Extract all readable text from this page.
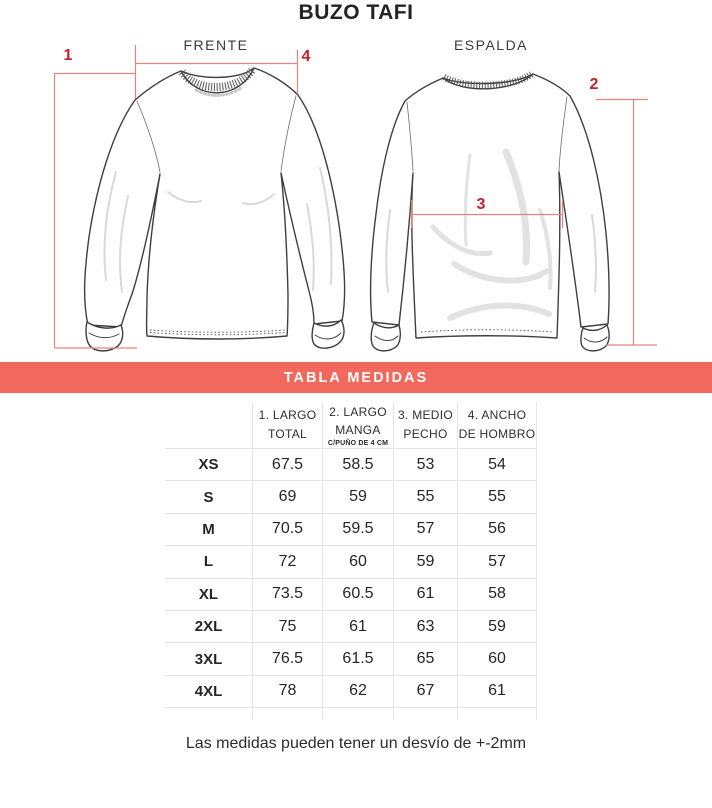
BUZO TAFI
FRENTE	ESPALDA
1	4
2
3
TABLA MEDIDAS
1. LARGO
TOTAL
2. LARGO
MANGA
C/PUÑO DE 4 CM
3. MEDIO
PECHO
4. ANCHO
DE HOMBRO
XS	67.5	58.5	53	54
S	69	59	55	55
M	70.5	59.5	57	56
L	72	60	59	57
XL	73.5	60.5	61	58
2XL	75	61	63	59
3XL	76.5	61.5	65	60
4XL	78	62	67	61
Las medidas pueden tener un desvío de +-2mm
